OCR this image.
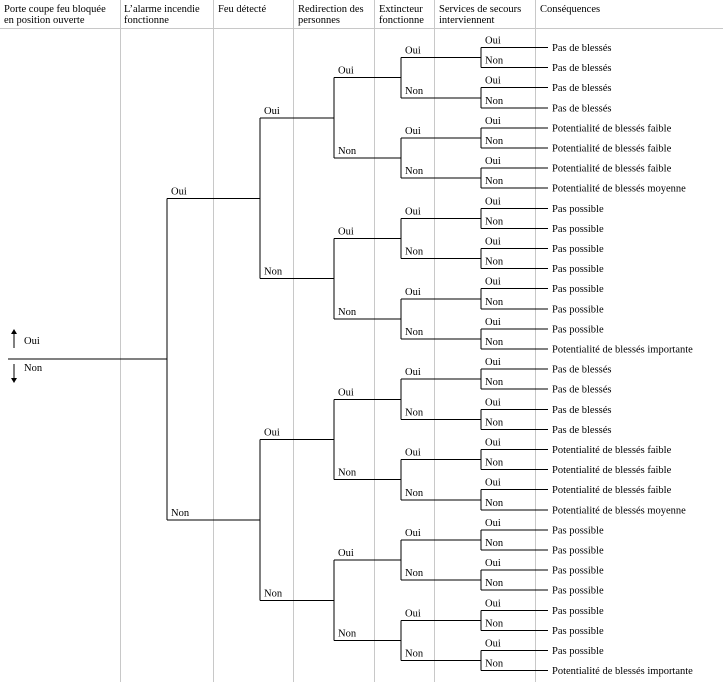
Porte coupe feu bloquée
en position ouverte
L’alarme incendie
fonctionne
Feu détecté	Redirection des
personnes
Extincteur
fonctionne
Services de secours
interviennent
Conséquences
Oui
Non
Oui
Non
Oui
Non
Oui
Non
Oui
Non
Oui
Non
Oui
Non
Oui
Non
Oui
Non
Oui
Non
Oui
Non
Oui
Non
Oui
Non
Oui
Non
Oui
Non
Oui
Non
Oui
Non
Oui
Non
Oui
Non
Oui
Non
Oui
Non
Oui
Non
Oui
Non
Oui
Non
Oui
Non
Oui
Non
Oui
Non
Oui
Non
Oui
Non
Oui
Non
Oui
Non
Oui
Non
Pas de blessés
Pas de blessés
Pas de blessés
Pas de blessés
Potentialité de blessés faible
Potentialité de blessés faible
Potentialité de blessés faible
Potentialité de blessés moyenne
Pas possible
Pas possible
Pas possible
Pas possible
Pas possible
Pas possible
Pas possible
Potentialité de blessés importante
Pas de blessés
Pas de blessés
Pas de blessés
Pas de blessés
Potentialité de blessés faible
Potentialité de blessés faible
Potentialité de blessés faible
Potentialité de blessés moyenne
Pas possible
Pas possible
Pas possible
Pas possible
Pas possible
Pas possible
Pas possible
Potentialité de blessés importante
